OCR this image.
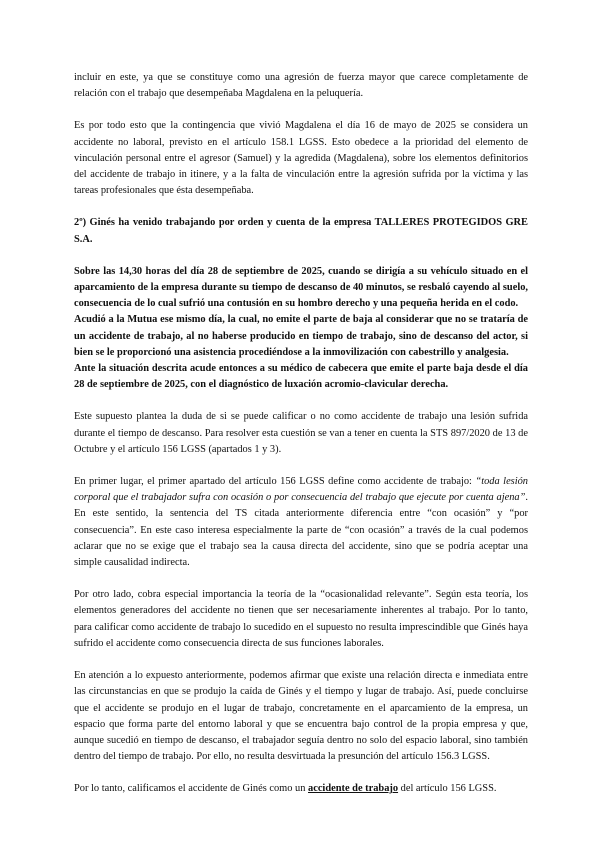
incluir en este, ya que se constituye como una agresión de fuerza mayor que carece completamente de relación con el trabajo que desempeñaba Magdalena en la peluquería.

Es por todo esto que la contingencia que vivió Magdalena el día 16 de mayo de 2025 se considera un accidente no laboral, previsto en el artículo 158.1 LGSS. Esto obedece a la prioridad del elemento de vinculación personal entre el agresor (Samuel) y la agredida (Magdalena), sobre los elementos definitorios del accidente de trabajo in itinere, y a la falta de vinculación entre la agresión sufrida por la víctima y las tareas profesionales que ésta desempeñaba.

2º) Ginés ha venido trabajando por orden y cuenta de la empresa TALLERES PROTEGIDOS GRE S.A.

Sobre las 14,30 horas del día 28 de septiembre de 2025, cuando se dirigía a su vehículo situado en el aparcamiento de la empresa durante su tiempo de descanso de 40 minutos, se resbaló cayendo al suelo, consecuencia de lo cual sufrió una contusión en su hombro derecho y una pequeña herida en el codo.

Acudió a la Mutua ese mismo día, la cual, no emite el parte de baja al considerar que no se trataría de un accidente de trabajo, al no haberse producido en tiempo de trabajo, sino de descanso del actor, si bien se le proporcionó una asistencia procediéndose a la inmovilización con cabestrillo y analgesia.

Ante la situación descrita acude entonces a su médico de cabecera que emite el parte baja desde el día 28 de septiembre de 2025, con el diagnóstico de luxación acromio-clavicular derecha.

Este supuesto plantea la duda de si se puede calificar o no como accidente de trabajo una lesión sufrida durante el tiempo de descanso. Para resolver esta cuestión se van a tener en cuenta la STS 897/2020 de 13 de Octubre y el artículo 156 LGSS (apartados 1 y 3).

En primer lugar, el primer apartado del artículo 156 LGSS define como accidente de trabajo: “toda lesión corporal que el trabajador sufra con ocasión o por consecuencia del trabajo que ejecute por cuenta ajena”. En este sentido, la sentencia del TS citada anteriormente diferencia entre “con ocasión” y “por consecuencia”. En este caso interesa especialmente la parte de “con ocasión” a través de la cual podemos aclarar que no se exige que el trabajo sea la causa directa del accidente, sino que se podría aceptar una simple causalidad indirecta.

Por otro lado, cobra especial importancia la teoría de la “ocasionalidad relevante”. Según esta teoría, los elementos generadores del accidente no tienen que ser necesariamente inherentes al trabajo. Por lo tanto, para calificar como accidente de trabajo lo sucedido en el supuesto no resulta imprescindible que Ginés haya sufrido el accidente como consecuencia directa de sus funciones laborales.

En atención a lo expuesto anteriormente, podemos afirmar que existe una relación directa e inmediata entre las circunstancias en que se produjo la caída de Ginés y el tiempo y lugar de trabajo. Así, puede concluirse que el accidente se produjo en el lugar de trabajo, concretamente en el aparcamiento de la empresa, un espacio que forma parte del entorno laboral y que se encuentra bajo control de la propia empresa y que, aunque sucedió en tiempo de descanso, el trabajador seguía dentro no solo del espacio laboral, sino también dentro del tiempo de trabajo. Por ello, no resulta desvirtuada la presunción del artículo 156.3 LGSS.

Por lo tanto, calificamos el accidente de Ginés como un accidente de trabajo del artículo 156 LGSS.
